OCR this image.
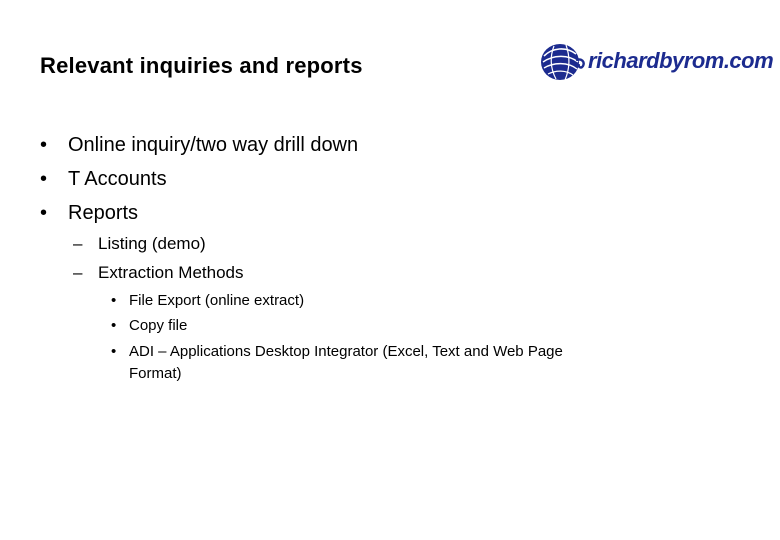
Relevant inquiries and reports	richardbyrom.com
• Online inquiry/two way drill down
• T Accounts
• Reports
– Listing (demo)
– Extraction Methods
• File Export (online extract)
• Copy file
• ADI – Applications Desktop Integrator (Excel, Text and Web Page
Format)
